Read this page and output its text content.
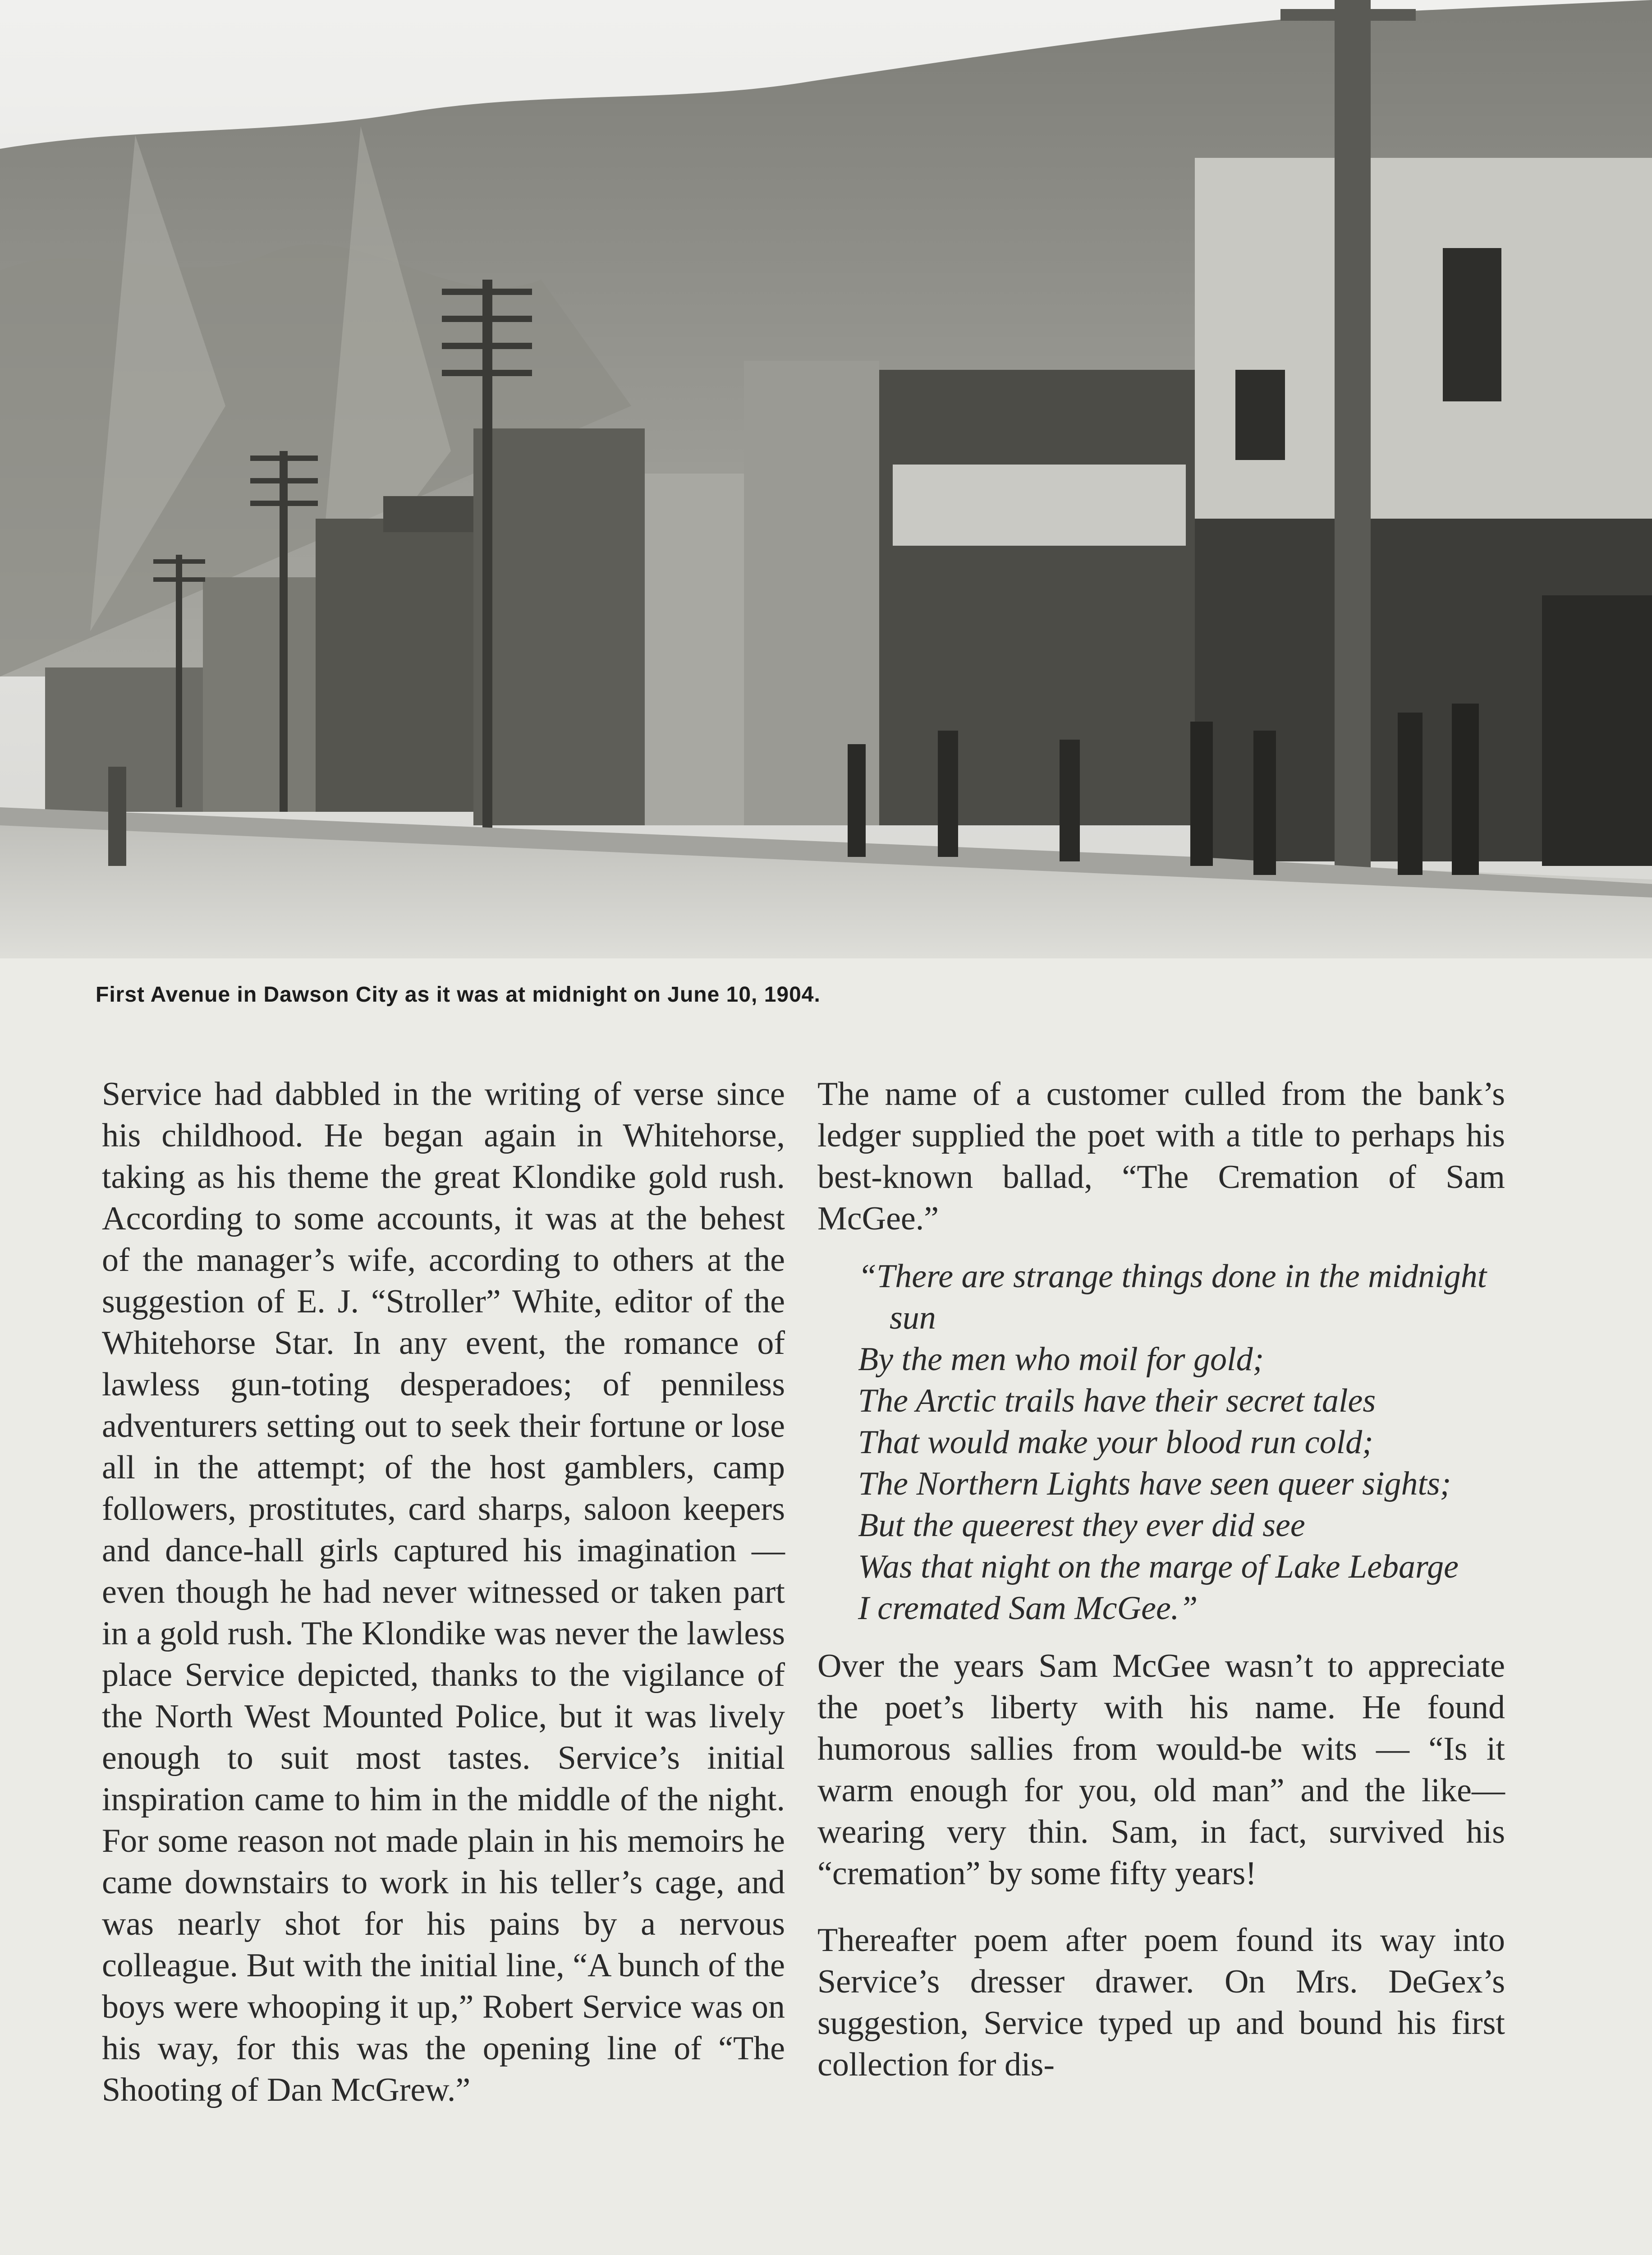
First Avenue in Dawson City as it was at midnight on June 10, 1904.

Service had dabbled in the writing of verse since his childhood. He began again in Whitehorse, taking as his theme the great Klondike gold rush. According to some accounts, it was at the behest of the manager’s wife, according to others at the suggestion of E. J. “Stroller” White, editor of the Whitehorse Star. In any event, the romance of lawless gun-toting desperadoes; of penniless adventurers setting out to seek their fortune or lose all in the attempt; of the host gamblers, camp followers, prostitutes, card sharps, saloon keepers and dance-hall girls captured his imagination — even though he had never witnessed or taken part in a gold rush. The Klondike was never the lawless place Service depicted, thanks to the vigilance of the North West Mounted Police, but it was lively enough to suit most tastes. Service’s initial inspiration came to him in the middle of the night. For some reason not made plain in his memoirs he came downstairs to work in his teller’s cage, and was nearly shot for his pains by a nervous colleague. But with the initial line, “A bunch of the boys were whooping it up,” Robert Service was on his way, for this was the opening line of “The Shooting of Dan McGrew.”

The name of a customer culled from the bank’s ledger supplied the poet with a title to perhaps his best-known ballad, “The Cremation of Sam McGee.”

“There are strange things done in the midnight sun
By the men who moil for gold;
The Arctic trails have their secret tales
That would make your blood run cold;
The Northern Lights have seen queer sights;
But the queerest they ever did see
Was that night on the marge of Lake Lebarge
I cremated Sam McGee.”

Over the years Sam McGee wasn’t to appreciate the poet’s liberty with his name. He found humorous sallies from would-be wits — “Is it warm enough for you, old man” and the like— wearing very thin. Sam, in fact, survived his “cremation” by some fifty years!

Thereafter poem after poem found its way into Service’s dresser drawer. On Mrs. DeGex’s suggestion, Service typed up and bound his first collection for dis-
